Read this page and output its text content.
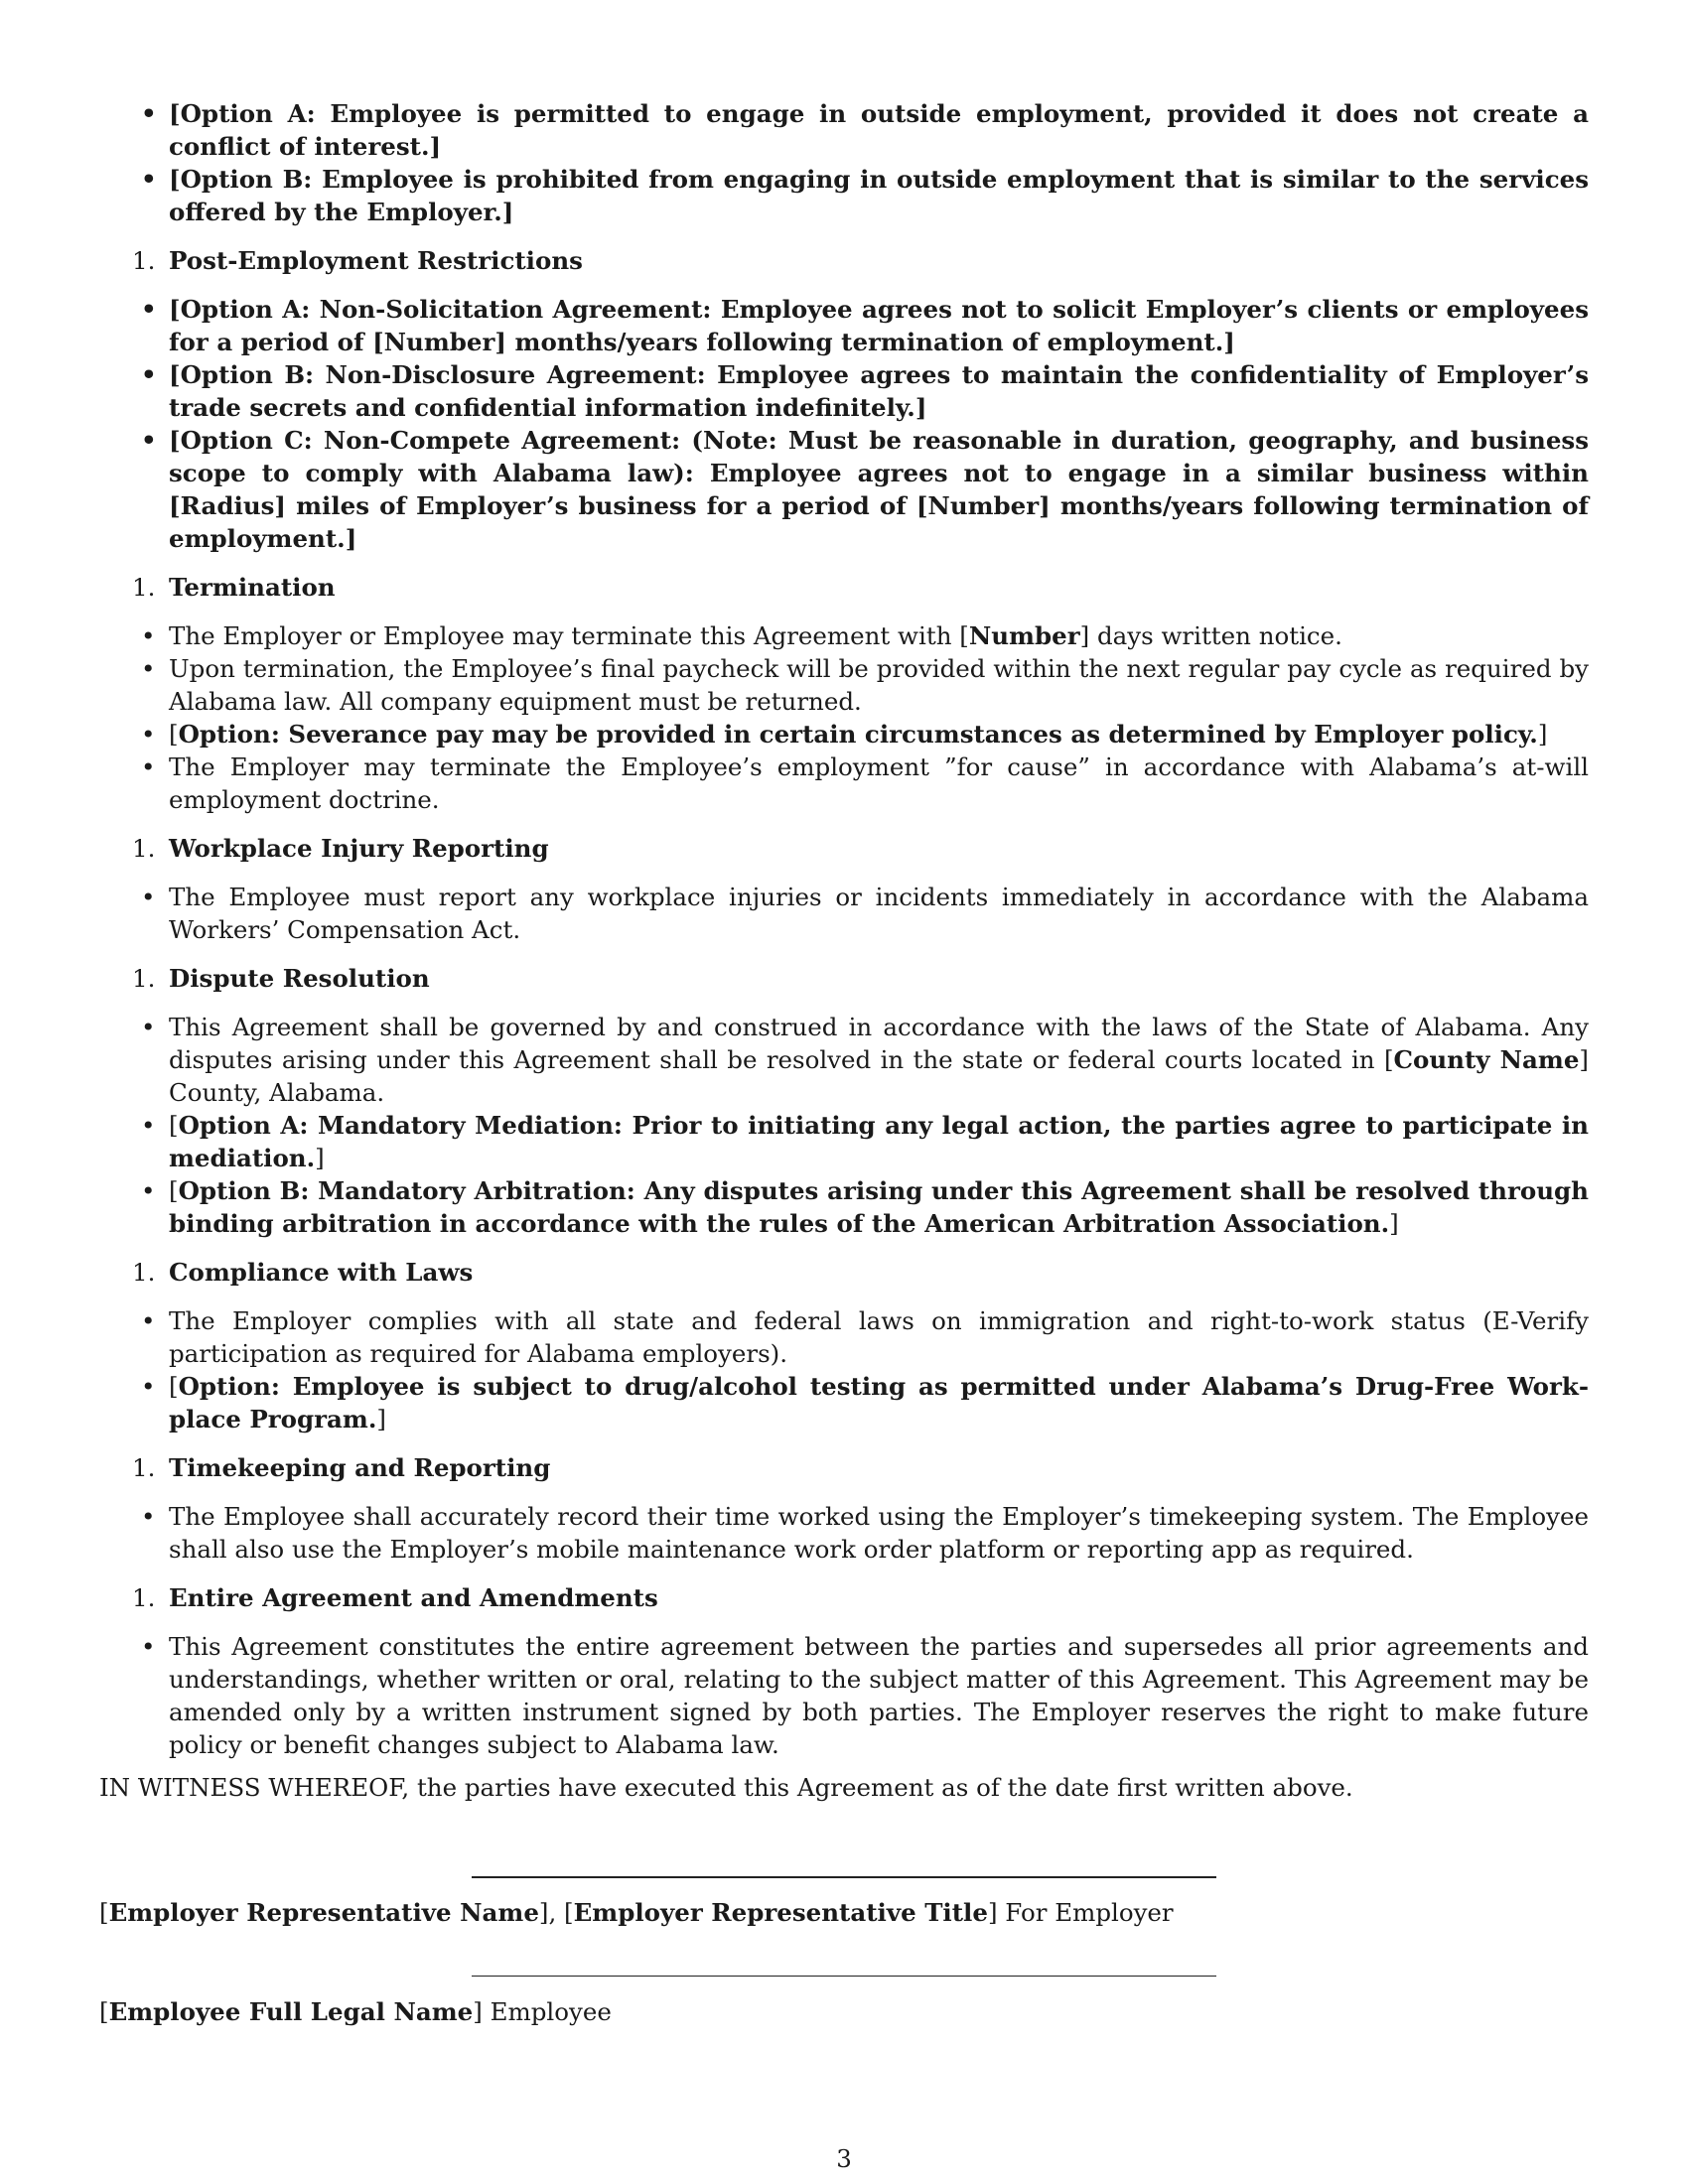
• [Option A: Employee is permitted to engage in outside employment, provided it does not create a conflict of interest.]
• [Option B: Employee is prohibited from engaging in outside employment that is similar to the services offered by the Employer.]
1. Post-Employment Restrictions
• [Option A: Non-Solicitation Agreement: Employee agrees not to solicit Employer’s clients or employees for a period of [Number] months/years following termination of employment.]
• [Option B: Non-Disclosure Agreement: Employee agrees to maintain the confidentiality of Employer’s trade secrets and confidential information indefinitely.]
• [Option C: Non-Compete Agreement: (Note: Must be reasonable in duration, geography, and business scope to comply with Alabama law): Employee agrees not to engage in a similar business within [Radius] miles of Employer’s business for a period of [Number] months/years following termination of employment.]
1. Termination
• The Employer or Employee may terminate this Agreement with [Number] days written notice.
• Upon termination, the Employee’s final paycheck will be provided within the next regular pay cycle as required by Alabama law. All company equipment must be returned.
• [Option: Severance pay may be provided in certain circumstances as determined by Employer policy.]
• The Employer may terminate the Employee’s employment ”for cause” in accordance with Alabama’s at-will employment doctrine.
1. Workplace Injury Reporting
• The Employee must report any workplace injuries or incidents immediately in accordance with the Alabama Workers’ Compensation Act.
1. Dispute Resolution
• This Agreement shall be governed by and construed in accordance with the laws of the State of Alabama. Any disputes arising under this Agreement shall be resolved in the state or federal courts located in [County Name] County, Alabama.
• [Option A: Mandatory Mediation: Prior to initiating any legal action, the parties agree to participate in mediation.]
• [Option B: Mandatory Arbitration: Any disputes arising under this Agreement shall be resolved through binding arbitration in accordance with the rules of the American Arbitration Association.]
1. Compliance with Laws
• The Employer complies with all state and federal laws on immigration and right-to-work status (E-Verify participation as required for Alabama employers).
• [Option: Employee is subject to drug/alcohol testing as permitted under Alabama’s Drug-Free Workplace Program.]
1. Timekeeping and Reporting
• The Employee shall accurately record their time worked using the Employer’s timekeeping system. The Employee shall also use the Employer’s mobile maintenance work order platform or reporting app as required.
1. Entire Agreement and Amendments
• This Agreement constitutes the entire agreement between the parties and supersedes all prior agreements and understandings, whether written or oral, relating to the subject matter of this Agreement. This Agreement may be amended only by a written instrument signed by both parties. The Employer reserves the right to make future policy or benefit changes subject to Alabama law.
IN WITNESS WHEREOF, the parties have executed this Agreement as of the date first written above.
[Employer Representative Name], [Employer Representative Title] For Employer
[Employee Full Legal Name] Employee
3
